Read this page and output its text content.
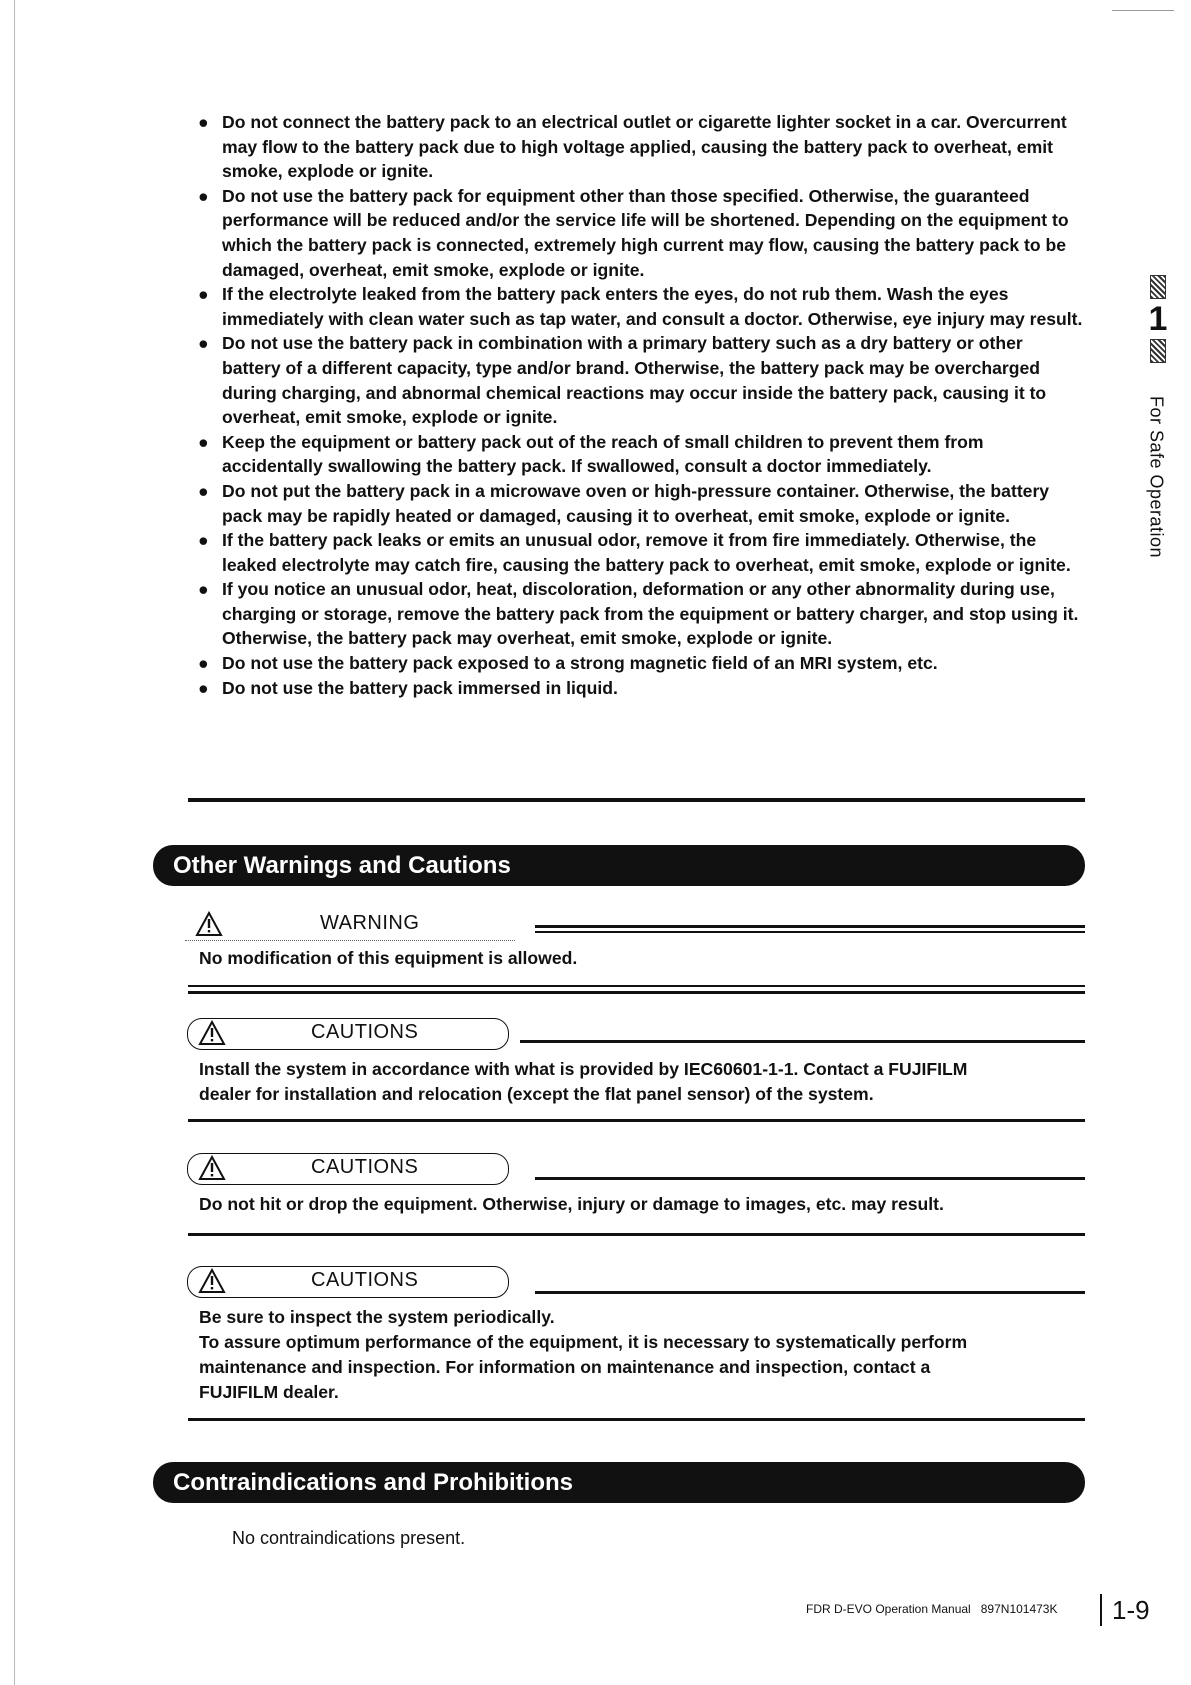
● Do not connect the battery pack to an electrical outlet or cigarette lighter socket in a car. Overcurrent may flow to the battery pack due to high voltage applied, causing the battery pack to overheat, emit smoke, explode or ignite.
● Do not use the battery pack for equipment other than those specified. Otherwise, the guaranteed performance will be reduced and/or the service life will be shortened. Depending on the equipment to which the battery pack is connected, extremely high current may flow, causing the battery pack to be damaged, overheat, emit smoke, explode or ignite.
● If the electrolyte leaked from the battery pack enters the eyes, do not rub them. Wash the eyes immediately with clean water such as tap water, and consult a doctor. Otherwise, eye injury may result.
● Do not use the battery pack in combination with a primary battery such as a dry battery or other battery of a different capacity, type and/or brand. Otherwise, the battery pack may be overcharged during charging, and abnormal chemical reactions may occur inside the battery pack, causing it to overheat, emit smoke, explode or ignite.
● Keep the equipment or battery pack out of the reach of small children to prevent them from accidentally swallowing the battery pack. If swallowed, consult a doctor immediately.
● Do not put the battery pack in a microwave oven or high-pressure container. Otherwise, the battery pack may be rapidly heated or damaged, causing it to overheat, emit smoke, explode or ignite.
● If the battery pack leaks or emits an unusual odor, remove it from fire immediately. Otherwise, the leaked electrolyte may catch fire, causing the battery pack to overheat, emit smoke, explode or ignite.
● If you notice an unusual odor, heat, discoloration, deformation or any other abnormality during use, charging or storage, remove the battery pack from the equipment or battery charger, and stop using it. Otherwise, the battery pack may overheat, emit smoke, explode or ignite.
● Do not use the battery pack exposed to a strong magnetic field of an MRI system, etc.
● Do not use the battery pack immersed in liquid.
Other Warnings and Cautions
WARNING
No modification of this equipment is allowed.
CAUTIONS
Install the system in accordance with what is provided by IEC60601-1-1. Contact a FUJIFILM
dealer for installation and relocation (except the flat panel sensor) of the system.
CAUTIONS
Do not hit or drop the equipment. Otherwise, injury or damage to images, etc. may result.
CAUTIONS
Be sure to inspect the system periodically.
To assure optimum performance of the equipment, it is necessary to systematically perform
maintenance and inspection. For information on maintenance and inspection, contact a
FUJIFILM dealer.
Contraindications and Prohibitions
No contraindications present.
1
For Safe Operation
FDR D-EVO Operation Manual 897N101473K 1-9
